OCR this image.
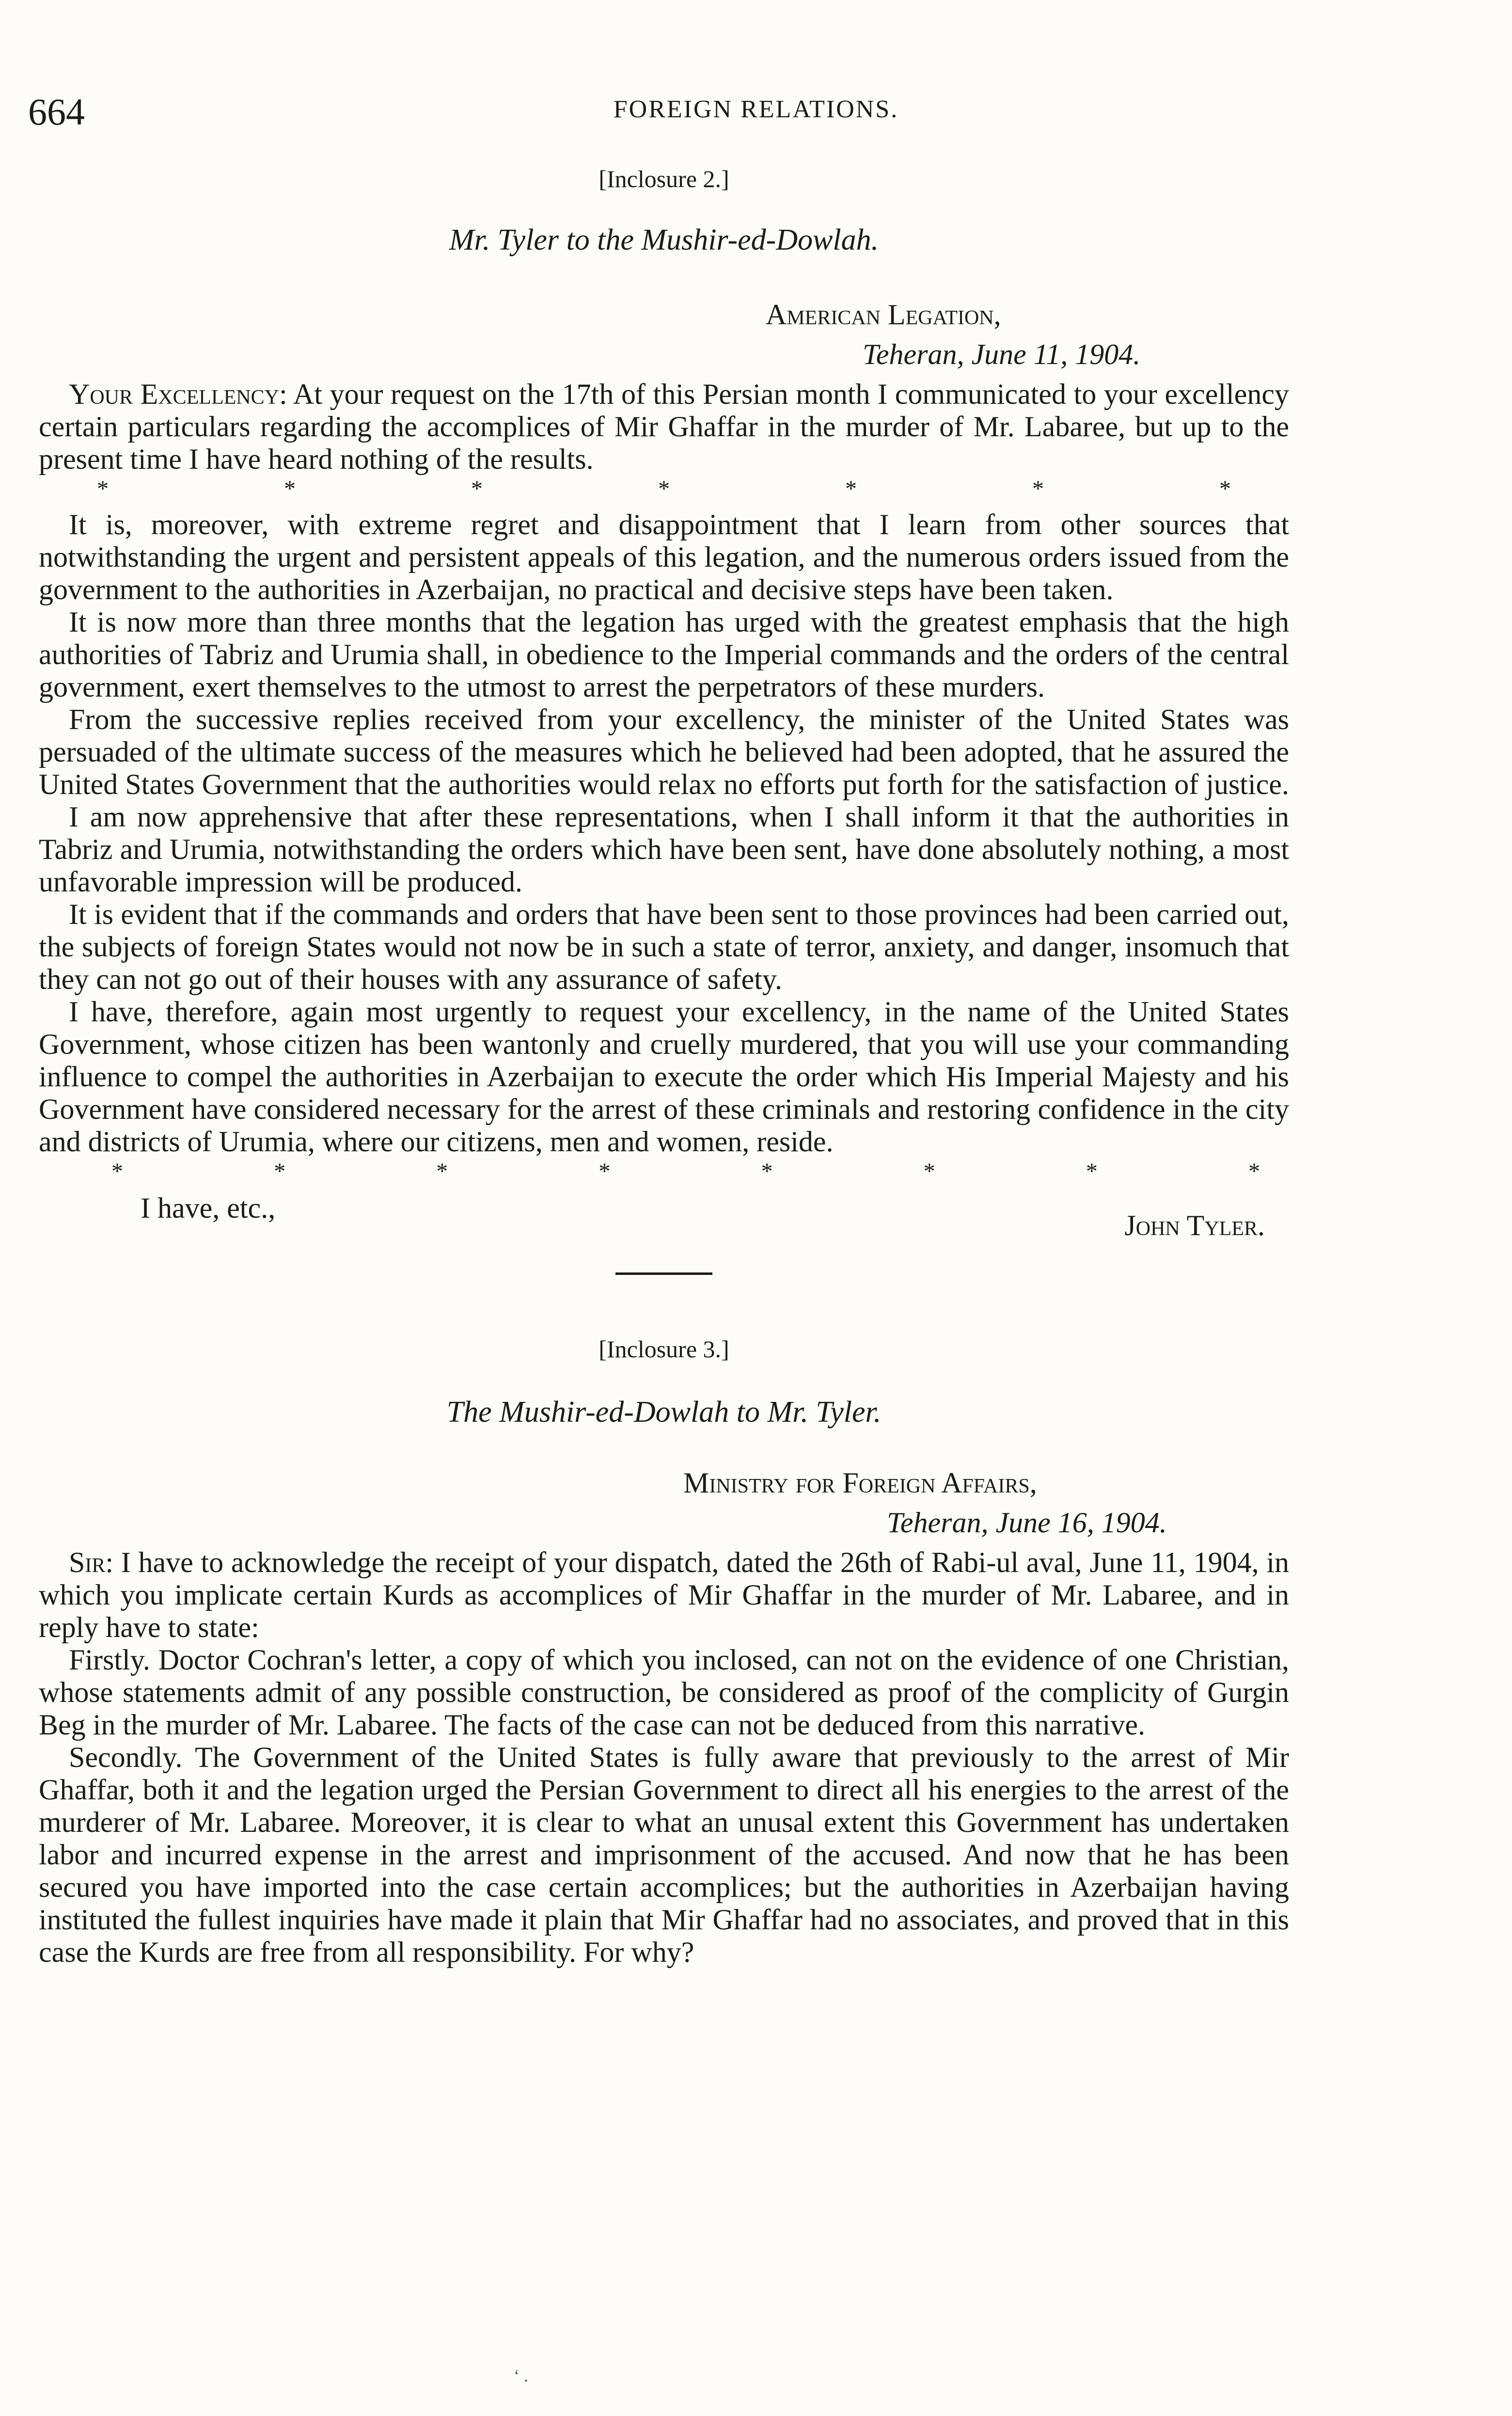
664	FOREIGN RELATIONS.
[Inclosure 2.]
Mr. Tyler to the Mushir-ed-Dowlah.
American Legation,
Teheran, June 11, 1904.

Your Excellency: At your request on the 17th of this Persian month I communicated to your excellency certain particulars regarding the accomplices of Mir Ghaffar in the murder of Mr. Labaree, but up to the present time I have heard nothing of the results.

*	*	*	*	*	*	*

It is, moreover, with extreme regret and disappointment that I learn from other sources that notwithstanding the urgent and persistent appeals of this legation, and the numerous orders issued from the government to the authorities in Azerbaijan, no practical and decisive steps have been taken.

It is now more than three months that the legation has urged with the greatest emphasis that the high authorities of Tabriz and Urumia shall, in obedience to the Imperial commands and the orders of the central government, exert themselves to the utmost to arrest the perpetrators of these murders.

From the successive replies received from your excellency, the minister of the United States was persuaded of the ultimate success of the measures which he believed had been adopted, that he assured the United States Government that the authorities would relax no efforts put forth for the satisfaction of justice.

I am now apprehensive that after these representations, when I shall inform it that the authorities in Tabriz and Urumia, notwithstanding the orders which have been sent, have done absolutely nothing, a most unfavorable impression will be produced.

It is evident that if the commands and orders that have been sent to those provinces had been carried out, the subjects of foreign States would not now be in such a state of terror, anxiety, and danger, insomuch that they can not go out of their houses with any assurance of safety.

I have, therefore, again most urgently to request your excellency, in the name of the United States Government, whose citizen has been wantonly and cruelly murdered, that you will use your commanding influence to compel the authorities in Azerbaijan to execute the order which His Imperial Majesty and his Government have considered necessary for the arrest of these criminals and restoring confidence in the city and districts of Urumia, where our citizens, men and women, reside.

*	*	*	*	*	*	*	*
I have, etc.,
John Tyler.
[Inclosure 3.]
The Mushir-ed-Dowlah to Mr. Tyler.
Ministry for Foreign Affairs,
Teheran, June 16, 1904.

Sir: I have to acknowledge the receipt of your dispatch, dated the 26th of Rabi-ul aval, June 11, 1904, in which you implicate certain Kurds as accomplices of Mir Ghaffar in the murder of Mr. Labaree, and in reply have to state:

Firstly. Doctor Cochran's letter, a copy of which you inclosed, can not on the evidence of one Christian, whose statements admit of any possible construction, be considered as proof of the complicity of Gurgin Beg in the murder of Mr. Labaree. The facts of the case can not be deduced from this narrative.

Secondly. The Government of the United States is fully aware that previously to the arrest of Mir Ghaffar, both it and the legation urged the Persian Government to direct all his energies to the arrest of the murderer of Mr. Labaree. Moreover, it is clear to what an unusal extent this Government has undertaken labor and incurred expense in the arrest and imprisonment of the accused. And now that he has been secured you have imported into the case certain accomplices; but the authorities in Azerbaijan having instituted the fullest inquiries have made it plain that Mir Ghaffar had no associates, and proved that in this case the Kurds are free from all responsibility. For why?

‘ .
